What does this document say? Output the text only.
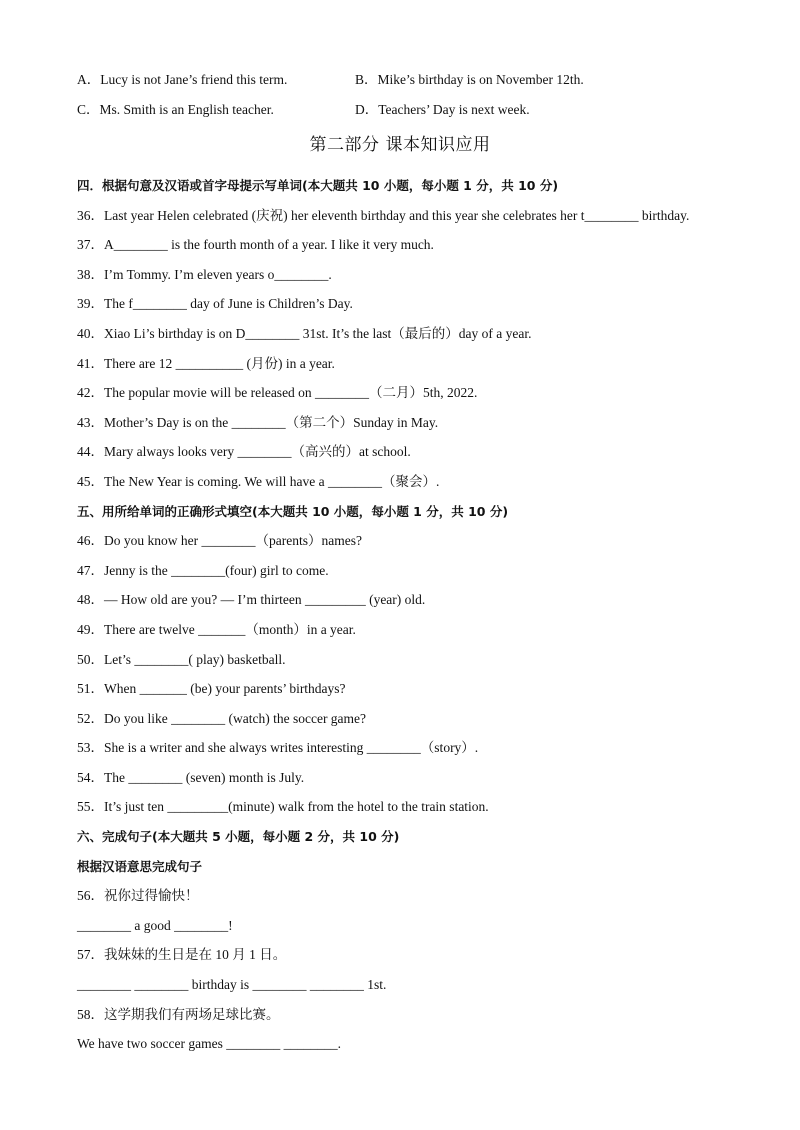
A．Lucy is not Jane’s friend this term.	B．Mike’s birthday is on November 12th.
C．Ms. Smith is an English teacher.	D．Teachers’ Day is next week.
第二部分 课本知识应用
四．根据句意及汉语或首字母提示写单词(本大题共 10 小题，每小题 1 分，共 10 分)
36．Last year Helen celebrated (庆祝) her eleventh birthday and this year she celebrates her t________ birthday.
37．A________ is the fourth month of a year. I like it very much.
38．I’m Tommy. I’m eleven years o________.
39．The f________ day of June is Children’s Day.
40．Xiao Li’s birthday is on D________ 31st. It’s the last（最后的）day of a year.
41．There are 12 __________ (月份) in a year.
42．The popular movie will be released on ________（二月）5th, 2022.
43．Mother’s Day is on the ________（第二个）Sunday in May.
44．Mary always looks very ________（高兴的）at school.
45．The New Year is coming. We will have a ________（聚会）.
五、用所给单词的正确形式填空(本大题共 10 小题，每小题 1 分，共 10 分)
46．Do you know her ________（parents）names?
47．Jenny is the ________(four) girl to come.
48．— How old are you? — I’m thirteen _________ (year) old.
49．There are twelve _______（month）in a year.
50．Let’s ________( play) basketball.
51．When _______ (be) your parents’ birthdays?
52．Do you like ________ (watch) the soccer game?
53．She is a writer and she always writes interesting ________（story）.
54．The ________ (seven) month is July.
55．It’s just ten _________(minute) walk from the hotel to the train station.
六、完成句子(本大题共 5 小题，每小题 2 分，共 10 分)
根据汉语意思完成句子
56．祝你过得愉快！
________ a good ________!
57．我妹妹的生日是在 10 月 1 日。
________ ________ birthday is ________ ________ 1st.
58．这学期我们有两场足球比赛。
We have two soccer games ________ ________.
